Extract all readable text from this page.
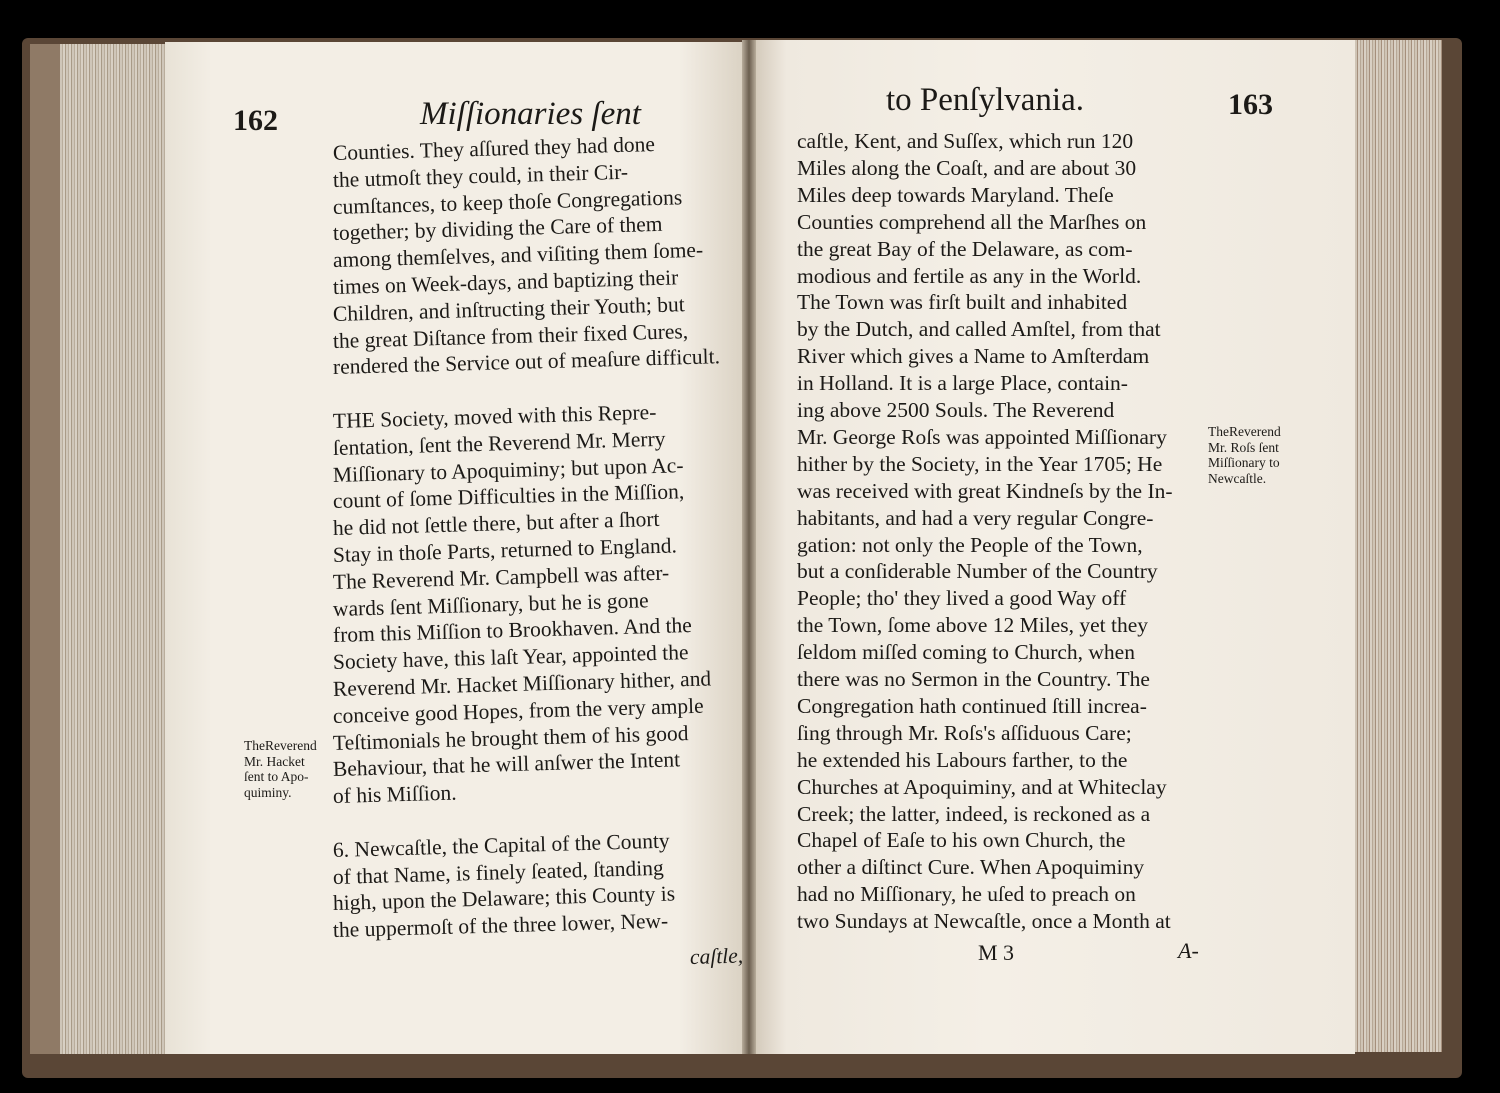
162	Miſſionaries ſent
Counties. They aſſured they had done
the utmoſt they could, in their Cir-
cumſtances, to keep thoſe Congregations
together; by dividing the Care of them
among themſelves, and viſiting them ſome-
times on Week-days, and baptizing their
Children, and inſtructing their Youth; but
the great Diſtance from their fixed Cures,
rendered the Service out of meaſure difficult.
THE Society, moved with this Repre-
ſentation, ſent the Reverend Mr. Merry
Miſſionary to Apoquiminy; but upon Ac-
count of ſome Difficulties in the Miſſion,
he did not ſettle there, but after a ſhort
Stay in thoſe Parts, returned to England.
The Reverend Mr. Campbell was after-
wards ſent Miſſionary, but he is gone
from this Miſſion to Brookhaven. And the
Society have, this laſt Year, appointed the
Reverend Mr. Hacket Miſſionary hither, and
conceive good Hopes, from the very ample
Teſtimonials he brought them of his good
Behaviour, that he will anſwer the Intent
of his Miſſion.
6. Newcaſtle, the Capital of the County
of that Name, is finely ſeated, ſtanding
high, upon the Delaware; this County is
the uppermoſt of the three lower, New-
caſtle,
TheReverend
Mr. Hacket
ſent to Apo-
quiminy.
to Penſylvania.	163
caſtle, Kent, and Suſſex, which run 120
Miles along the Coaſt, and are about 30
Miles deep towards Maryland. Theſe
Counties comprehend all the Marſhes on
the great Bay of the Delaware, as com-
modious and fertile as any in the World.
The Town was firſt built and inhabited
by the Dutch, and called Amſtel, from that
River which gives a Name to Amſterdam
in Holland. It is a large Place, contain-
ing above 2500 Souls. The Reverend
Mr. George Roſs was appointed Miſſionary
hither by the Society, in the Year 1705; He
was received with great Kindneſs by the In-
habitants, and had a very regular Congre-
gation: not only the People of the Town,
but a conſiderable Number of the Country
People; tho' they lived a good Way off
the Town, ſome above 12 Miles, yet they
ſeldom miſſed coming to Church, when
there was no Sermon in the Country. The
Congregation hath continued ſtill increa-
ſing through Mr. Roſs's aſſiduous Care;
he extended his Labours farther, to the
Churches at Apoquiminy, and at Whiteclay
Creek; the latter, indeed, is reckoned as a
Chapel of Eaſe to his own Church, the
other a diſtinct Cure. When Apoquiminy
had no Miſſionary, he uſed to preach on
two Sundays at Newcaſtle, once a Month at
TheReverend
Mr. Roſs ſent
Miſſionary to
Newcaſtle.
M 3	A-
